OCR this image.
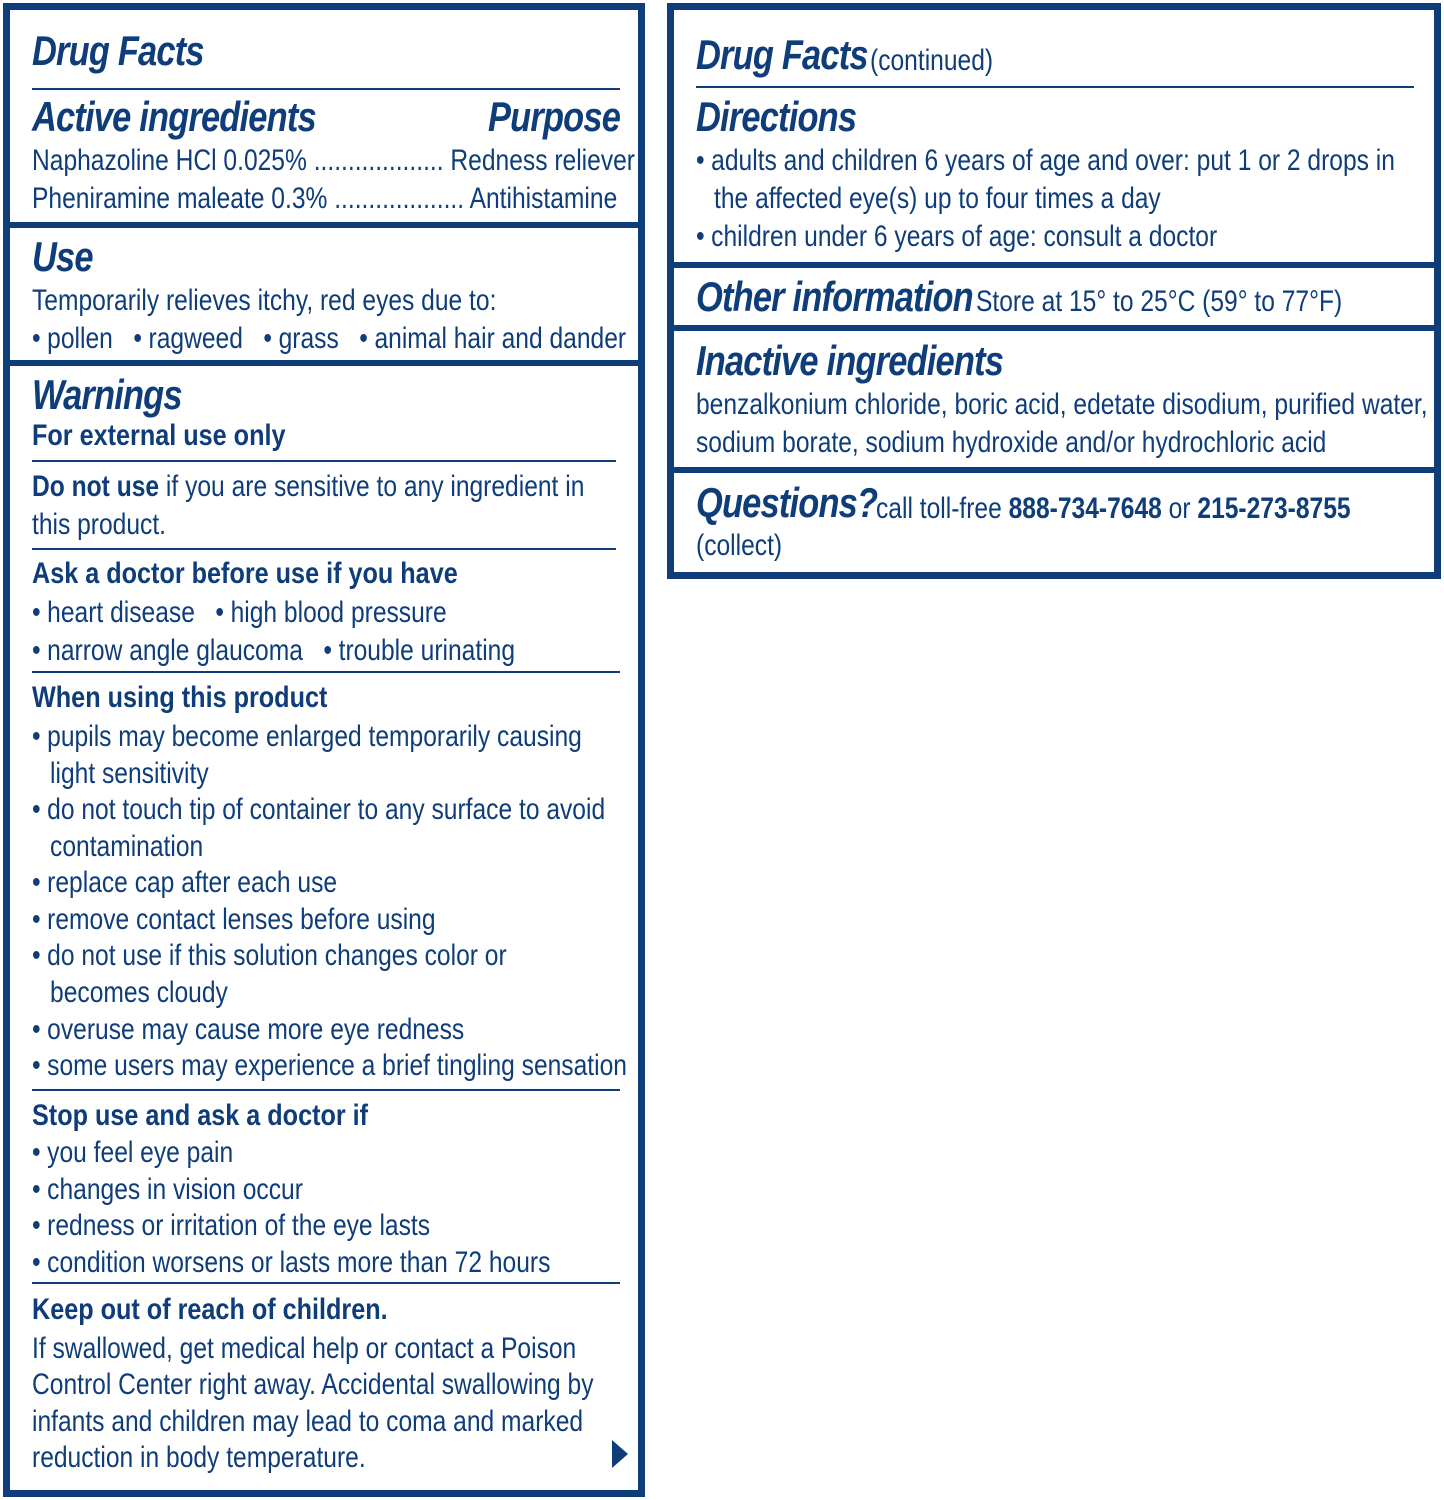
Drug Facts
Active ingredients	Purpose
Naphazoline HCl 0.025% ................... Redness reliever
Pheniramine maleate 0.3% ................... Antihistamine
Use
Temporarily relieves itchy, red eyes due to:
• pollen • ragweed • grass • animal hair and dander
Warnings
For external use only
Do not use if you are sensitive to any ingredient in
this product.
Ask a doctor before use if you have
• heart disease • high blood pressure
• narrow angle glaucoma • trouble urinating
When using this product
• pupils may become enlarged temporarily causing
light sensitivity
• do not touch tip of container to any surface to avoid
contamination
• replace cap after each use
• remove contact lenses before using
• do not use if this solution changes color or
becomes cloudy
• overuse may cause more eye redness
• some users may experience a brief tingling sensation
Stop use and ask a doctor if
• you feel eye pain
• changes in vision occur
• redness or irritation of the eye lasts
• condition worsens or lasts more than 72 hours
Keep out of reach of children.
If swallowed, get medical help or contact a Poison
Control Center right away. Accidental swallowing by
infants and children may lead to coma and marked
reduction in body temperature.
Drug Facts (continued)
Directions
• adults and children 6 years of age and over: put 1 or 2 drops in
the affected eye(s) up to four times a day
• children under 6 years of age: consult a doctor
Other information Store at 15° to 25°C (59° to 77°F)
Inactive ingredients
benzalkonium chloride, boric acid, edetate disodium, purified water,
sodium borate, sodium hydroxide and/or hydrochloric acid
Questions?
call toll-free 888-734-7648 or 215-273-8755
(collect)
